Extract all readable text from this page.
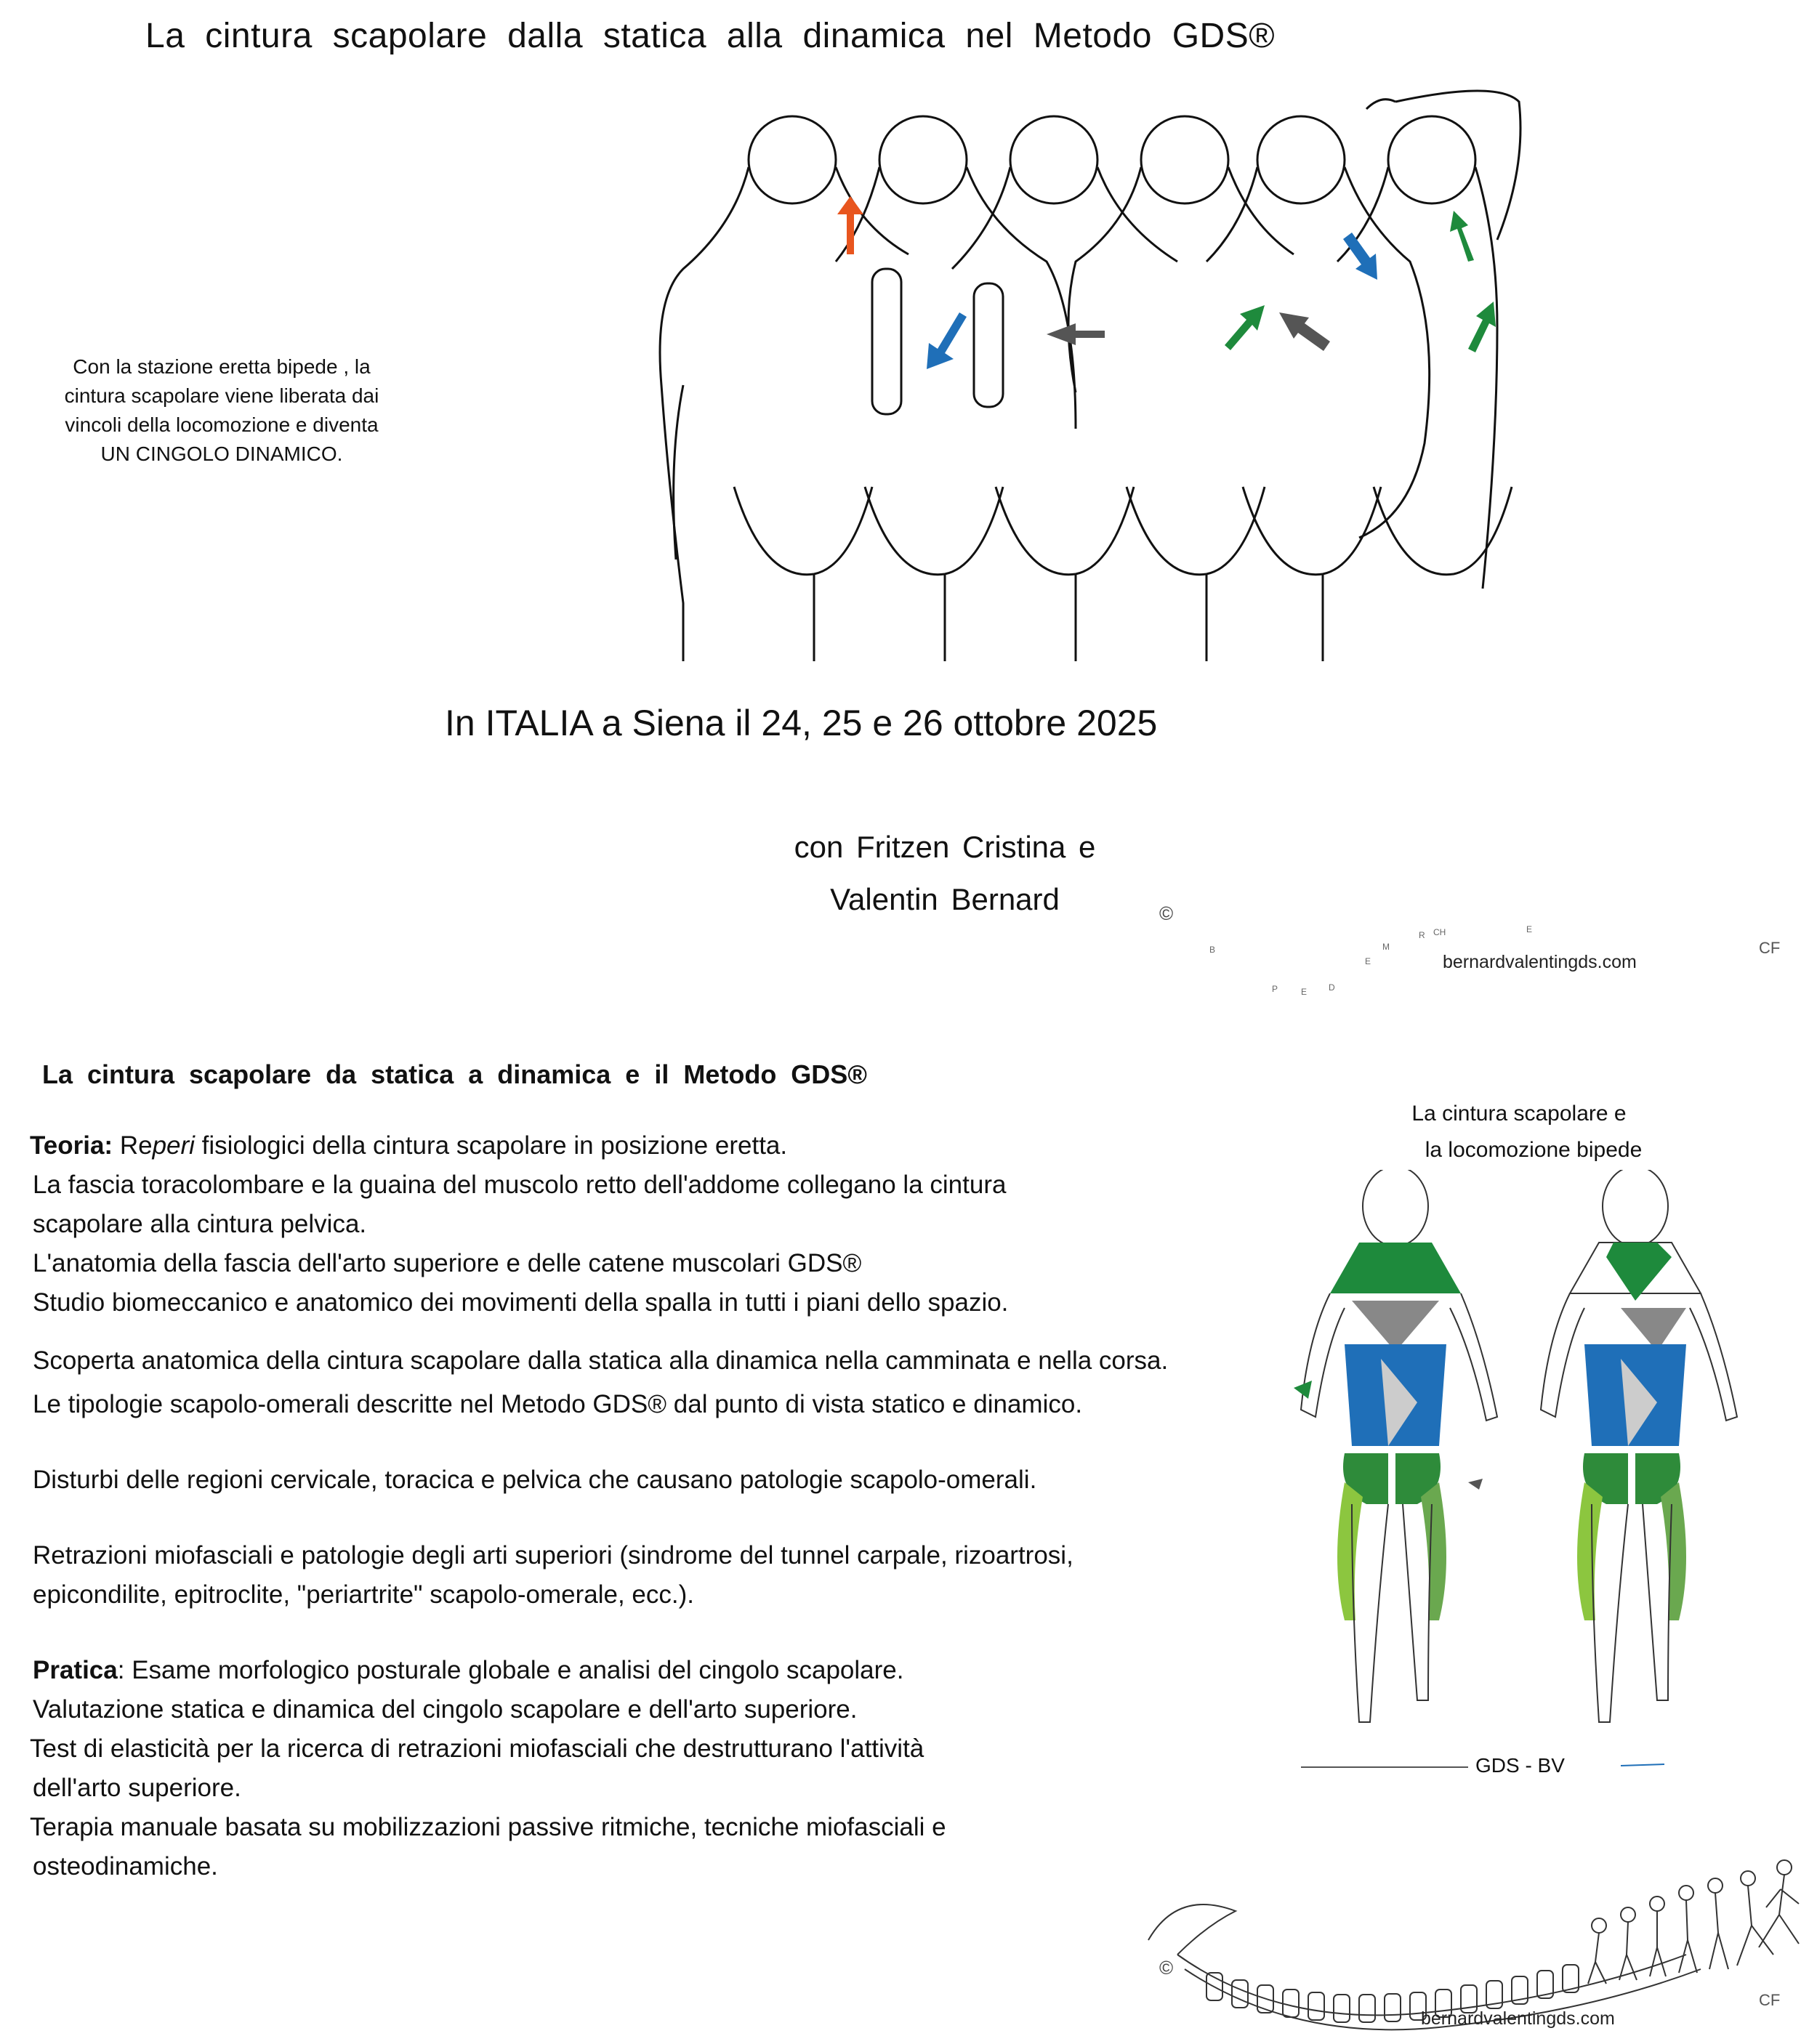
La cintura scapolare dalla statica alla dinamica nel Metodo GDS®
Con la stazione eretta bipede , la
cintura scapolare viene liberata dai
vincoli della locomozione e diventa
UN CINGOLO DINAMICO.
In ITALIA a Siena il 24, 25 e 26 ottobre 2025
con Fritzen Cristina e
Valentin Bernard	©
B
P	E D
E
M
R CH	E
bernardvalentingds.com
CF
La cintura scapolare da statica a dinamica e il Metodo GDS®

Teoria: Reperi fisiologici della cintura scapolare in posizione eretta.

La fascia toracolombare e la guaina del muscolo retto dell'addome collegano la cintura

scapolare alla cintura pelvica.

L'anatomia della fascia dell'arto superiore e delle catene muscolari GDS®

Studio biomeccanico e anatomico dei movimenti della spalla in tutti i piani dello spazio.

Scoperta anatomica della cintura scapolare dalla statica alla dinamica nella camminata e nella corsa.

Le tipologie scapolo-omerali descritte nel Metodo GDS® dal punto di vista statico e dinamico.

Disturbi delle regioni cervicale, toracica e pelvica che causano patologie scapolo-omerali.

Retrazioni miofasciali e patologie degli arti superiori (sindrome del tunnel carpale, rizoartrosi,

epicondilite, epitroclite, "periartrite" scapolo-omerale, ecc.).

Pratica: Esame morfologico posturale globale e analisi del cingolo scapolare.

Valutazione statica e dinamica del cingolo scapolare e dell'arto superiore.

Test di elasticità per la ricerca di retrazioni miofasciali che destrutturano l'attività

dell'arto superiore.

Terapia manuale basata su mobilizzazioni passive ritmiche, tecniche miofasciali e

osteodinamiche.

La cintura scapolare e
la locomozione bipede
GDS - BV
©
bernardvalentingds.com
CF
